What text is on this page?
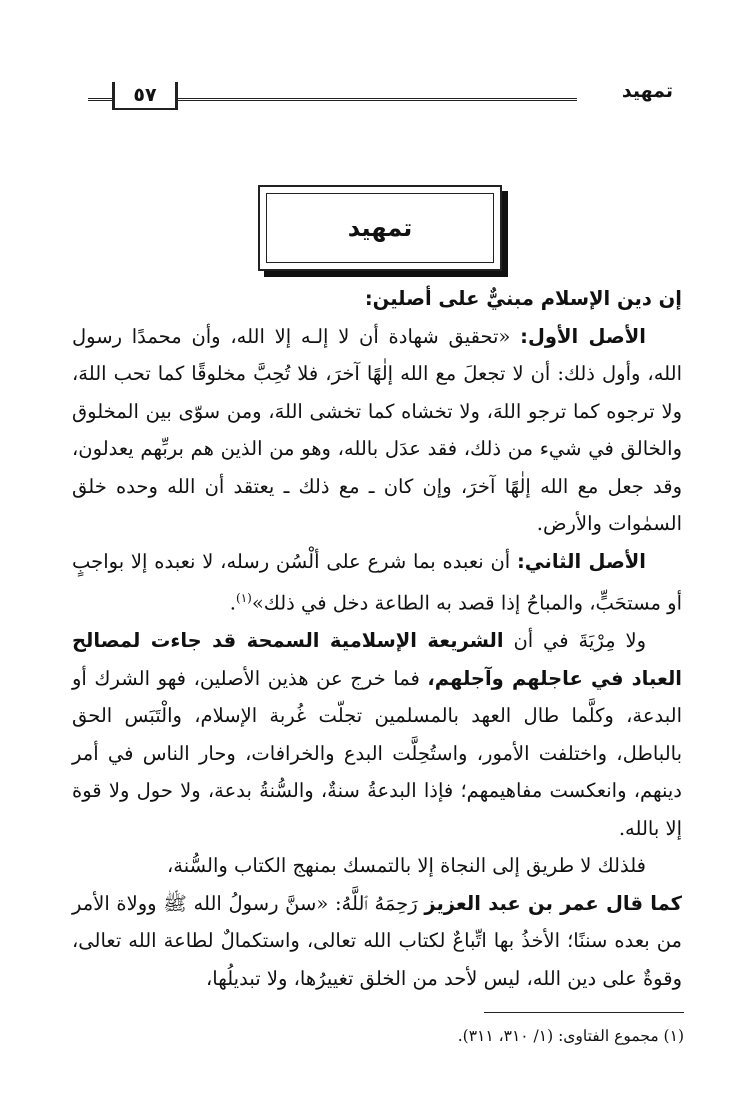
٥٧	تمهيد
تمهيد

إن دين الإسلام مبنيٌّ على أصلين:

الأصل الأول: «تحقيق شهادة أن لا إلـه إلا الله، وأن محمدًا رسول الله، وأول ذلك: أن لا تجعلَ مع الله إلٰهًا آخرَ، فلا تُحِبَّ مخلوقًا كما تحب اللهَ، ولا ترجوه كما ترجو اللهَ، ولا تخشاه كما تخشى اللهَ، ومن سوّى بين المخلوق والخالق في شيء من ذلك، فقد عدَل بالله، وهو من الذين هم بربِّهم يعدلون، وقد جعل مع الله إلٰهًا آخرَ، وإن كان ـ مع ذلك ـ يعتقد أن الله وحده خلق السمٰوات والأرض.

الأصل الثاني: أن نعبده بما شرع على ألْسُن رسله، لا نعبده إلا بواجبٍ أو مستحَبٍّ، والمباحُ إذا قصد به الطاعة دخل في ذلك»$^{(١)}$.

ولا مِرْيَةَ في أن الشريعة الإسلامية السمحة قد جاءت لمصالح العباد في عاجلهم وآجلهم، فما خرج عن هذين الأصلين، فهو الشرك أو البدعة، وكلَّما طال العهد بالمسلمين تجلّت غُربة الإسلام، والْتَبَس الحق بالباطل، واختلفت الأمور، واستُحِلَّت البدع والخرافات، وحار الناس في أمر دينهم، وانعكست مفاهيمهم؛ فإذا البدعةُ سنةٌ، والسُّنةُ بدعة، ولا حول ولا قوة إلا بالله.

فلذلك لا طريق إلى النجاة إلا بالتمسك بمنهج الكتاب والسُّنة،

كما قال عمر بن عبد العزيز رَحِمَهُ ٱللَّهُ: «سنَّ رسولُ الله ﷺ وولاة الأمر من بعده سننًا؛ الأخذُ بها اتِّباعٌ لكتاب الله تعالى، واستكمالٌ لطاعة الله تعالى، وقوةٌ على دين الله، ليس لأحد من الخلق تغييرُها، ولا تبديلُها،

(١) مجموع الفتاوى: (١/ ٣١٠، ٣١١).
